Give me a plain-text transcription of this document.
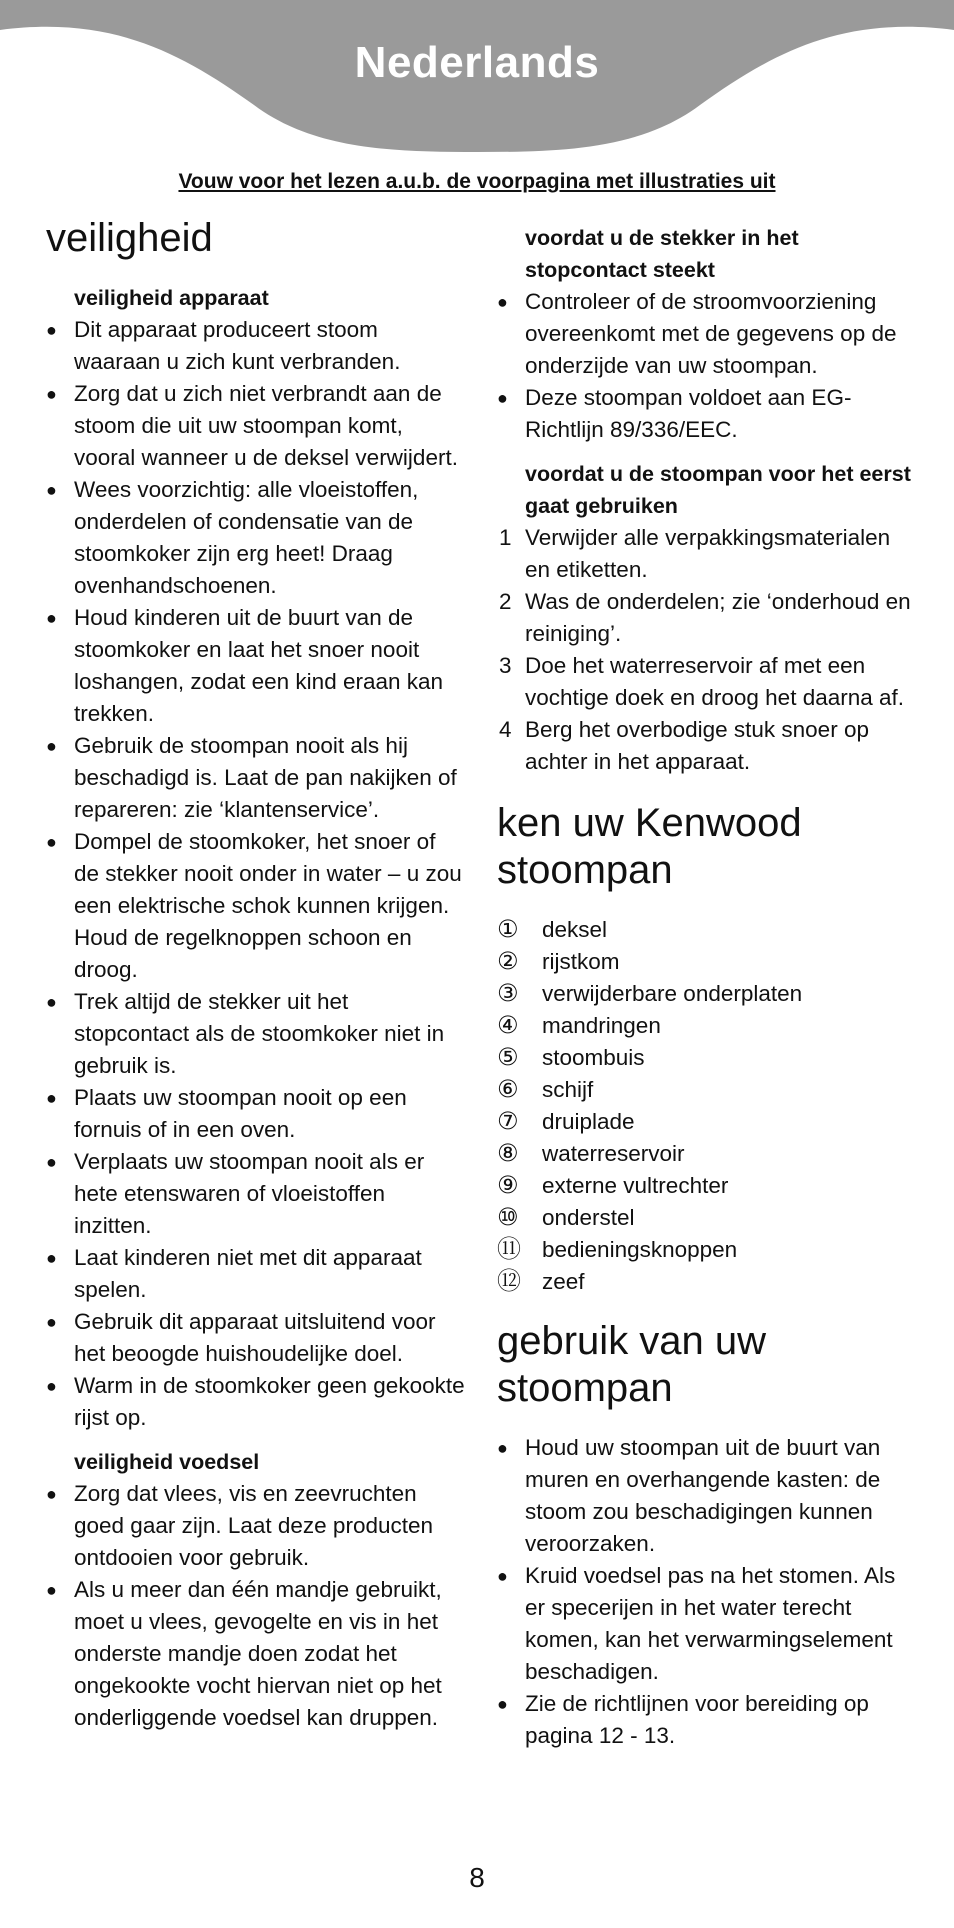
Nederlands
Vouw voor het lezen a.u.b. de voorpagina met illustraties uit
veiligheid
veiligheid apparaat
● Dit apparaat produceert stoom waaraan u zich kunt verbranden.
● Zorg dat u zich niet verbrandt aan de stoom die uit uw stoompan komt, vooral wanneer u de deksel verwijdert.
● Wees voorzichtig: alle vloeistoffen, onderdelen of condensatie van de stoomkoker zijn erg heet! Draag ovenhandschoenen.
● Houd kinderen uit de buurt van de stoomkoker en laat het snoer nooit loshangen, zodat een kind eraan kan trekken.
● Gebruik de stoompan nooit als hij beschadigd is. Laat de pan nakijken of repareren: zie ‘klantenservice’.
● Dompel de stoomkoker, het snoer of de stekker nooit onder in water – u zou een elektrische schok kunnen krijgen. Houd de regelknoppen schoon en droog.
● Trek altijd de stekker uit het stopcontact als de stoomkoker niet in gebruik is.
● Plaats uw stoompan nooit op een fornuis of in een oven.
● Verplaats uw stoompan nooit als er hete etenswaren of vloeistoffen inzitten.
● Laat kinderen niet met dit apparaat spelen.
● Gebruik dit apparaat uitsluitend voor het beoogde huishoudelijke doel.
● Warm in de stoomkoker geen gekookte rijst op.
veiligheid voedsel
● Zorg dat vlees, vis en zeevruchten goed gaar zijn. Laat deze producten ontdooien voor gebruik.
● Als u meer dan één mandje gebruikt, moet u vlees, gevogelte en vis in het onderste mandje doen zodat het ongekookte vocht hiervan niet op het onderliggende voedsel kan druppen.
voordat u de stekker in het stopcontact steekt
● Controleer of de stroomvoorziening overeenkomt met de gegevens op de onderzijde van uw stoompan.
● Deze stoompan voldoet aan EG-Richtlijn 89/336/EEC.
voordat u de stoompan voor het eerst gaat gebruiken
1 Verwijder alle verpakkingsmaterialen en etiketten.
2 Was de onderdelen; zie ‘onderhoud en reiniging’.
3 Doe het waterreservoir af met een vochtige doek en droog het daarna af.
4 Berg het overbodige stuk snoer op achter in het apparaat.
ken uw Kenwood stoompan
① deksel
② rijstkom
③ verwijderbare onderplaten
④ mandringen
⑤ stoombuis
⑥ schijf
⑦ druiplade
⑧ waterreservoir
⑨ externe vultrechter
⑩ onderstel
⑪ bedieningsknoppen
⑫ zeef
gebruik van uw stoompan
● Houd uw stoompan uit de buurt van muren en overhangende kasten: de stoom zou beschadigingen kunnen veroorzaken.
● Kruid voedsel pas na het stomen. Als er specerijen in het water terecht komen, kan het verwarmingselement beschadigen.
● Zie de richtlijnen voor bereiding op pagina 12 - 13.
8
